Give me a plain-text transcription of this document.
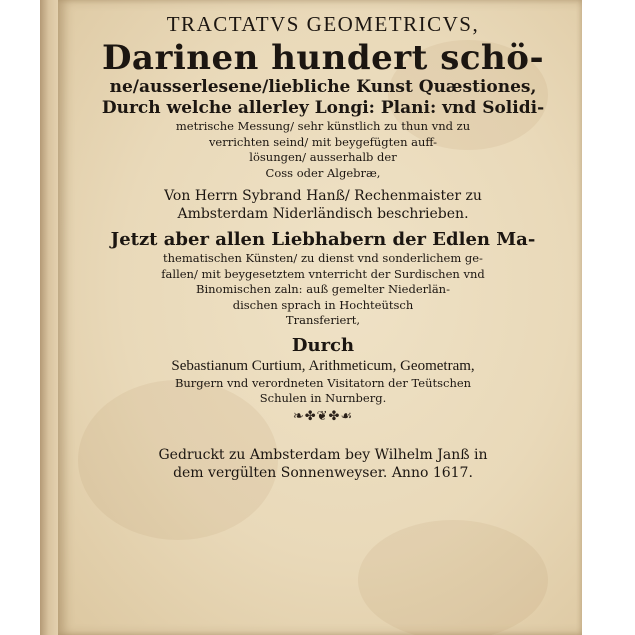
TRACTATVS GEOMETRICVS,
Darinen hundert schö-
ne/ausserlesene/liebliche Kunst Quæstiones,
Durch welche allerley Longi: Plani: vnd Solidi-
metrische Messung/ sehr künstlich zu thun vnd zu
verrichten seind/ mit beygefügten auff-
lösungen/ ausserhalb der
Coss oder Algebræ,
Von Herrn Sybrand Hanß/ Rechenmaister zu
Ambsterdam Niderländisch beschrieben.
Jetzt aber allen Liebhabern der Edlen Ma-
thematischen Künsten/ zu dienst vnd sonderlichem ge-
fallen/ mit beygesetztem vnterricht der Surdischen vnd
Binomischen zaln: auß gemelter Niederlän-
dischen sprach in Hochteütsch
Transferiert,
Durch
Sebastianum Curtium, Arithmeticum, Geometram,
Burgern vnd verordneten Visitatorn der Teütschen
Schulen in Nurnberg.
❧✤❦✤☙
Gedruckt zu Ambsterdam bey Wilhelm Janß in
dem vergülten Sonnenweyser. Anno 1617.
